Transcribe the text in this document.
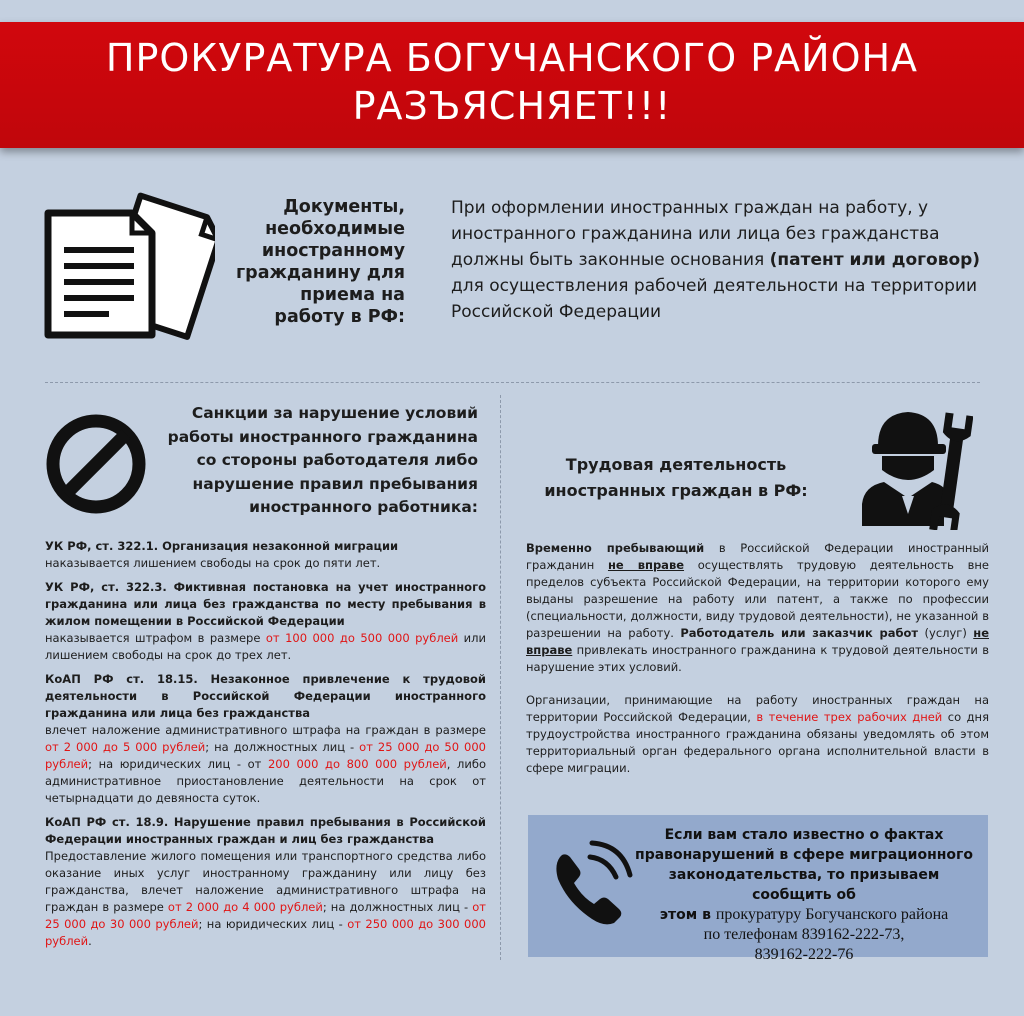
ПРОКУРАТУРА БОГУЧАНСКОГО РАЙОНА
РАЗЪЯСНЯЕТ!!!
Документы,
необходимые
иностранному
гражданину для
приема на
работу в РФ:
При оформлении иностранных граждан на работу, у иностранного гражданина или лица без гражданства должны быть законные основания (патент или договор) для осуществления рабочей деятельности на территории Российской Федерации
Санкции за нарушение условий
работы иностранного гражданина
со стороны работодателя либо
нарушение правил пребывания
иностранного работника:

УК РФ, ст. 322.1. Организация незаконной миграции
наказывается лишением свободы на срок до пяти лет.

УК РФ, ст. 322.3. Фиктивная постановка на учет иностранного гражданина или лица без гражданства по месту пребывания в жилом помещении в Российской Федерации
наказывается штрафом в размере от 100 000 до 500 000 рублей или лишением свободы на срок до трех лет.

КоАП РФ ст. 18.15. Незаконное привлечение к трудовой деятельности в Российской Федерации иностранного гражданина или лица без гражданства
влечет наложение административного штрафа на граждан в размере от 2 000 до 5 000 рублей; на должностных лиц - от 25 000 до 50 000 рублей; на юридических лиц - от 200 000 до 800 000 рублей, либо административное приостановление деятельности на срок от четырнадцати до девяноста суток.

КоАП РФ ст. 18.9. Нарушение правил пребывания в Российской Федерации иностранных граждан и лиц без гражданства
Предоставление жилого помещения или транспортного средства либо оказание иных услуг иностранному гражданину или лицу без гражданства, влечет наложение административного штрафа на граждан в размере от 2 000 до 4 000 рублей; на должностных лиц - от 25 000 до 30 000 рублей; на юридических лиц - от 250 000 до 300 000 рублей.

Трудовая деятельность
иностранных граждан в РФ:

Временно пребывающий в Российской Федерации иностранный гражданин не вправе осуществлять трудовую деятельность вне пределов субъекта Российской Федерации, на территории которого ему выданы разрешение на работу или патент, а также по профессии (специальности, должности, виду трудовой деятельности), не указанной в разрешении на работу. Работодатель или заказчик работ (услуг) не вправе привлекать иностранного гражданина к трудовой деятельности в нарушение этих условий.

Организации, принимающие на работу иностранных граждан на территории Российской Федерации, в течение трех рабочих дней со дня трудоустройства иностранного гражданина обязаны уведомлять об этом территориальный орган федерального органа исполнительной власти в сфере миграции.

Если вам стало известно о фактах
правонарушений в сфере миграционного
законодательства, то призываем сообщить об
этом в прокуратуру Богучанского района
по телефонам 839162-222-73,
839162-222-76
